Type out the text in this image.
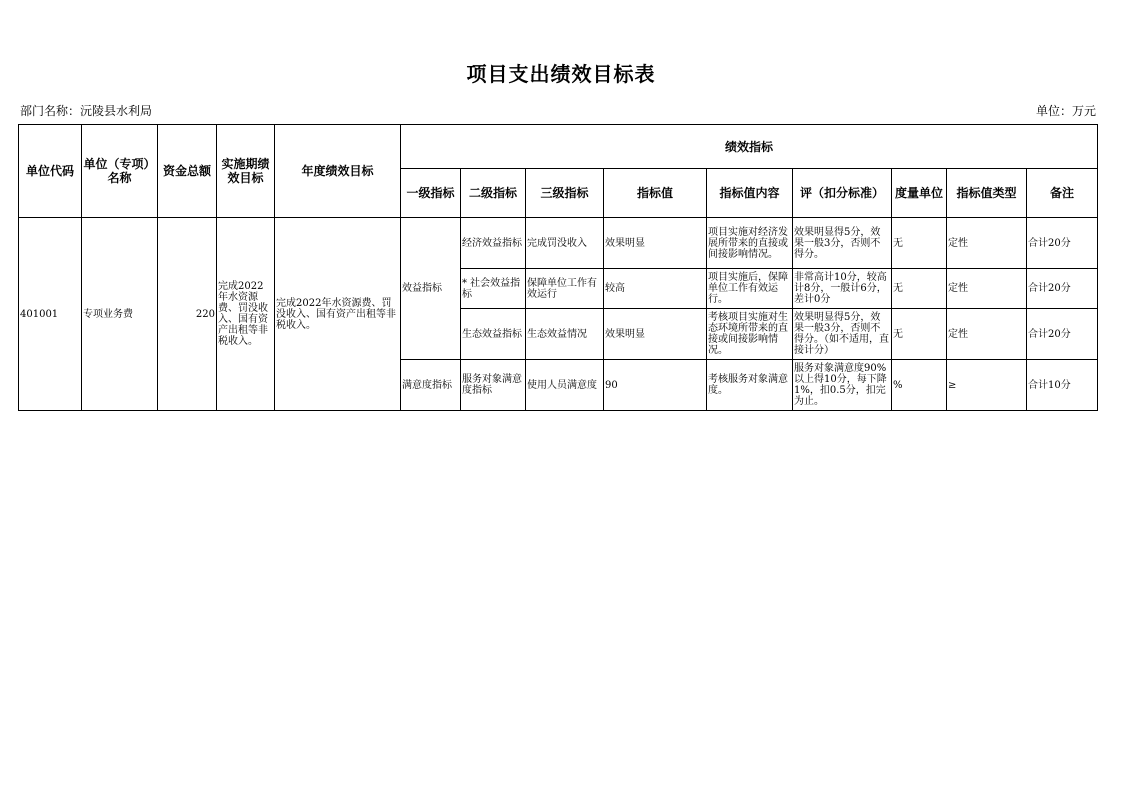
项目支出绩效目标表
部门名称：沅陵县水利局	单位：万元
单位代码	单位（专项）名称	资金总额	实施期绩效目标	年度绩效目标	绩效指标								
					一级指标	二级指标	三级指标	指标值	指标值内容	评（扣分标准）	度量单位	指标值类型	备注
401001	专项业务费	220	完成2022年水资源费、罚没收入、国有资产出租等非税收入。	完成2022年水资源费、罚没收入、国有资产出租等非税收入。	效益指标	经济效益指标	完成罚没收入	效果明显	项目实施对经济发展所带来的直接或间接影响情况。	效果明显得5分，效果一般3分，否则不得分。	无	定性	合计20分
						* 社会效益指标	保障单位工作有效运行	较高	项目实施后，保障单位工作有效运行。	非常高计10分，较高计8分，一般计6分，差计0分	无	定性	合计20分
						生态效益指标	生态效益情况	效果明显	考核项目实施对生态环境所带来的直接或间接影响情况。	效果明显得5分，效果一般3分，否则不得分。（如不适用，直接计分）	无	定性	合计20分
					满意度指标	服务对象满意度指标	使用人员满意度	90	考核服务对象满意度。	服务对象满意度90%以上得10分，每下降1%，扣0.5分，扣完为止。	%	≥	合计10分
